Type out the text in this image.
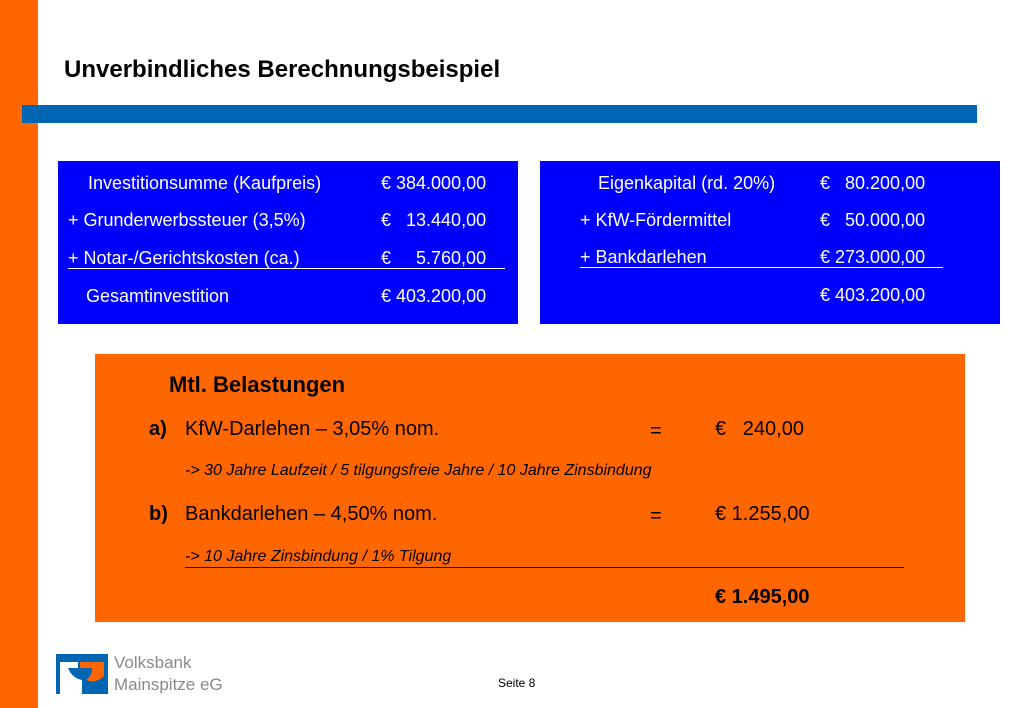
Unverbindliches Berechnungsbeispiel
Investitionsumme (Kaufpreis)	€ 384.000,00
+ Grunderwerbssteuer (3,5%)	€   13.440,00
+ Notar-/Gerichtskosten (ca.)	€     5.760,00
Gesamtinvestition	€ 403.200,00
Eigenkapital (rd. 20%) €   80.200,00
+ KfW-Fördermittel	€   50.000,00
+ Bankdarlehen	€ 273.000,00
€ 403.200,00
Mtl. Belastungen
a) KfW-Darlehen – 3,05% nom.	=	€   240,00
-> 30 Jahre Laufzeit / 5 tilgungsfreie Jahre / 10 Jahre Zinsbindung
b) Bankdarlehen – 4,50% nom.	=	€ 1.255,00
-> 10 Jahre Zinsbindung / 1% Tilgung
€ 1.495,00
Volksbank
Mainspitze eG	Seite 8
